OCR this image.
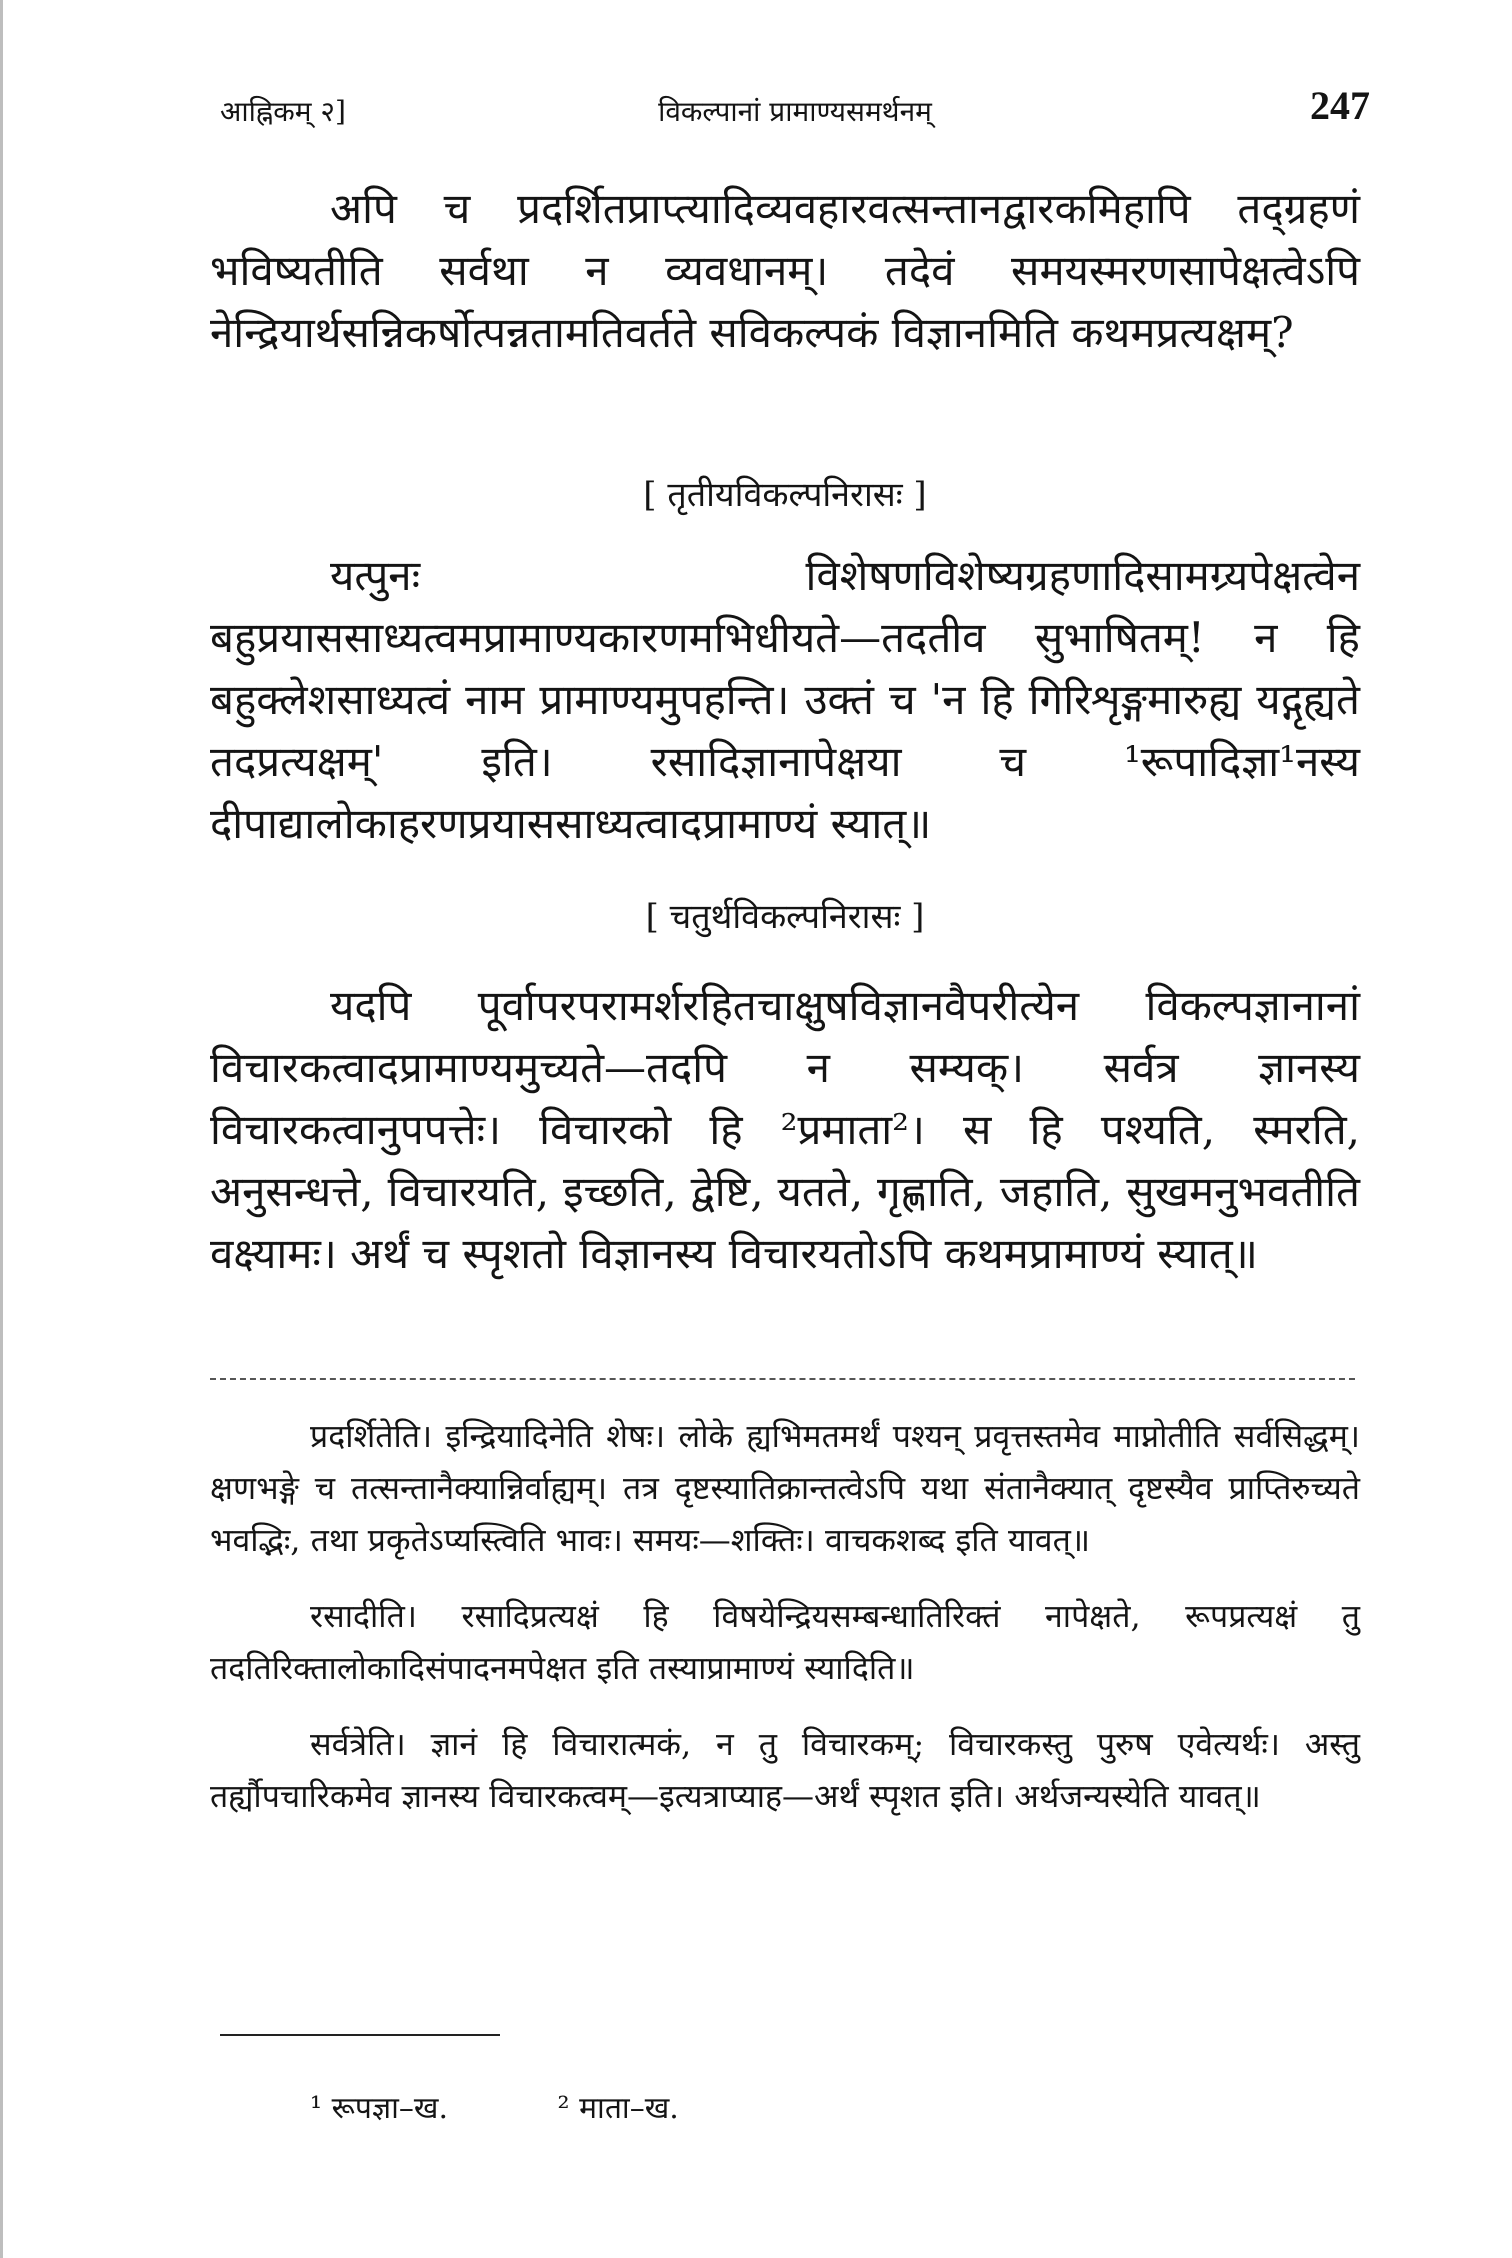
आह्निकम् २]	विकल्पानां प्रामाण्यसमर्थनम्	247

अपि च प्रदर्शितप्राप्त्यादिव्यवहारवत्सन्तानद्वारकमिहापि तद्ग्रहणं भविष्यतीति सर्वथा न व्यवधानम्। तदेवं समयस्मरणसापेक्षत्वेऽपि नेन्द्रियार्थसन्निकर्षोत्पन्नतामतिवर्तते सविकल्पकं विज्ञानमिति कथमप्रत्यक्षम्?

[ तृतीयविकल्पनिरासः ]

यत्पुनः विशेषणविशेष्यग्रहणादिसामग्र्यपेक्षत्वेन बहुप्रयाससाध्यत्वमप्रामाण्यकारणमभिधीयते—तदतीव सुभाषितम्! न हि बहुक्लेशसाध्यत्वं नाम प्रामाण्यमुपहन्ति। उक्तं च 'न हि गिरिशृङ्गमारुह्य यद्गृह्यते तदप्रत्यक्षम्' इति। रसादिज्ञानापेक्षया च ¹रूपादिज्ञा¹नस्य दीपाद्यालोकाहरणप्रयाससाध्यत्वादप्रामाण्यं स्यात्॥

[ चतुर्थविकल्पनिरासः ]

यदपि पूर्वापरपरामर्शरहितचाक्षुषविज्ञानवैपरीत्येन विकल्पज्ञानानां विचारकत्वादप्रामाण्यमुच्यते—तदपि न सम्यक्। सर्वत्र ज्ञानस्य विचारकत्वानुपपत्तेः। विचारको हि ²प्रमाता²। स हि पश्यति, स्मरति, अनुसन्धत्ते, विचारयति, इच्छति, द्वेष्टि, यतते, गृह्णाति, जहाति, सुखमनुभवतीति वक्ष्यामः। अर्थं च स्पृशतो विज्ञानस्य विचारयतोऽपि कथमप्रामाण्यं स्यात्॥

प्रदर्शितेति। इन्द्रियादिनेति शेषः। लोके ह्यभिमतमर्थं पश्यन् प्रवृत्तस्तमेव माप्नोतीति सर्वसिद्धम्। क्षणभङ्गे च तत्सन्तानैक्यान्निर्वाह्यम्। तत्र दृष्टस्यातिक्रान्तत्वेऽपि यथा संतानैक्यात् दृष्टस्यैव प्राप्तिरुच्यते भवद्भिः, तथा प्रकृतेऽप्यस्त्विति भावः। समयः—शक्तिः। वाचकशब्द इति यावत्॥

रसादीति। रसादिप्रत्यक्षं हि विषयेन्द्रियसम्बन्धातिरिक्तं नापेक्षते, रूपप्रत्यक्षं तु तदतिरिक्तालोकादिसंपादनमपेक्षत इति तस्याप्रामाण्यं स्यादिति॥

सर्वत्रेति। ज्ञानं हि विचारात्मकं, न तु विचारकम्; विचारकस्तु पुरुष एवेत्यर्थः। अस्तु तर्ह्यौपचारिकमेव ज्ञानस्य विचारकत्वम्—इत्यत्राप्याह—अर्थं स्पृशत इति। अर्थजन्यस्येति यावत्॥

¹ रूपज्ञा–ख.	² माता–ख.
